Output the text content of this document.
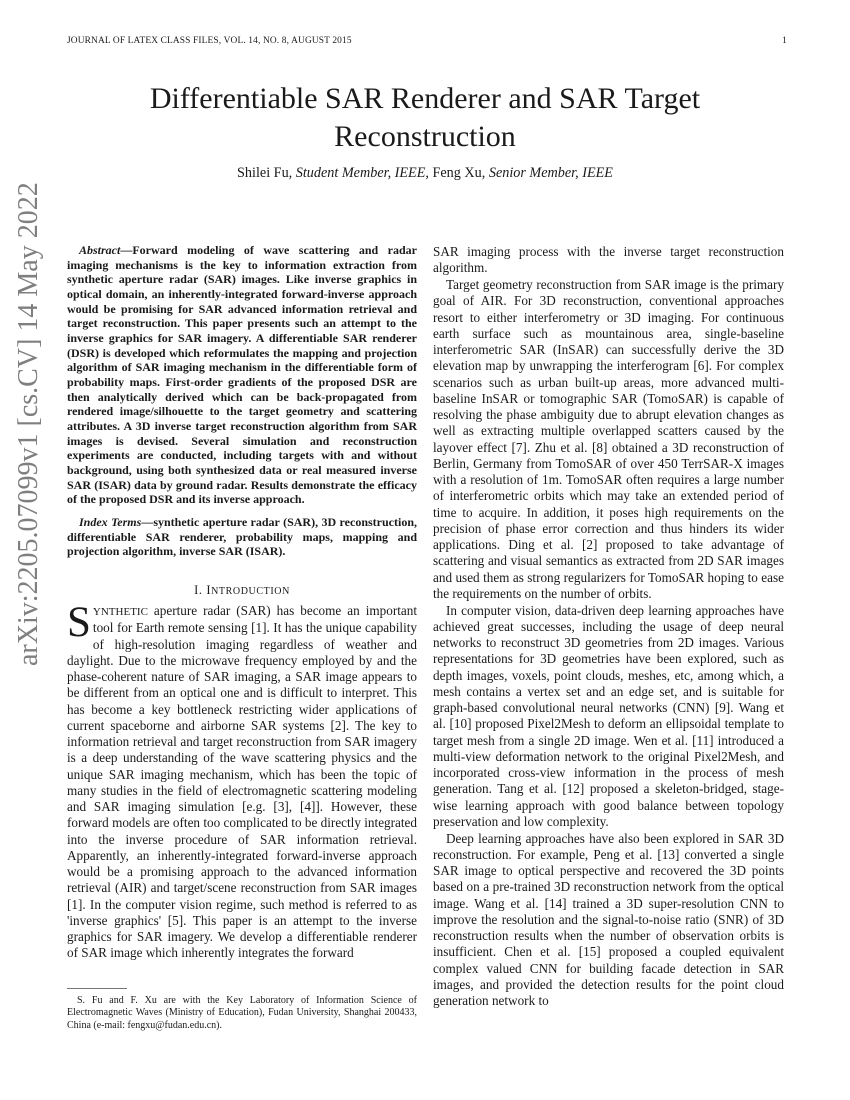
JOURNAL OF LATEX CLASS FILES, VOL. 14, NO. 8, AUGUST 2015	1
arXiv:2205.07099v1 [cs.CV] 14 May 2022
Differentiable SAR Renderer and SAR Target Reconstruction
Shilei Fu, Student Member, IEEE, Feng Xu, Senior Member, IEEE
Abstract—Forward modeling of wave scattering and radar imaging mechanisms is the key to information extraction from synthetic aperture radar (SAR) images. Like inverse graphics in optical domain, an inherently-integrated forward-inverse approach would be promising for SAR advanced information retrieval and target reconstruction. This paper presents such an attempt to the inverse graphics for SAR imagery. A differentiable SAR renderer (DSR) is developed which reformulates the mapping and projection algorithm of SAR imaging mechanism in the differentiable form of probability maps. First-order gradients of the proposed DSR are then analytically derived which can be back-propagated from rendered image/silhouette to the target geometry and scattering attributes. A 3D inverse target reconstruction algorithm from SAR images is devised. Several simulation and reconstruction experiments are conducted, including targets with and without background, using both synthesized data or real measured inverse SAR (ISAR) data by ground radar. Results demonstrate the efficacy of the proposed DSR and its inverse approach.
Index Terms—synthetic aperture radar (SAR), 3D reconstruction, differentiable SAR renderer, probability maps, mapping and projection algorithm, inverse SAR (ISAR).
I. INTRODUCTION

SYNTHETIC aperture radar (SAR) has become an important tool for Earth remote sensing [1]. It has the unique capability of high-resolution imaging regardless of weather and daylight. Due to the microwave frequency employed by and the phase-coherent nature of SAR imaging, a SAR image appears to be different from an optical one and is difficult to interpret. This has become a key bottleneck restricting wider applications of current spaceborne and airborne SAR systems [2]. The key to information retrieval and target reconstruction from SAR imagery is a deep understanding of the wave scattering physics and the unique SAR imaging mechanism, which has been the topic of many studies in the field of electromagnetic scattering modeling and SAR imaging simulation [e.g. [3], [4]]. However, these forward models are often too complicated to be directly integrated into the inverse procedure of SAR information retrieval. Apparently, an inherently-integrated forward-inverse approach would be a promising approach to the advanced information retrieval (AIR) and target/scene reconstruction from SAR images [1]. In the computer vision regime, such method is referred to as 'inverse graphics' [5]. This paper is an attempt to the inverse graphics for SAR imagery. We develop a differentiable renderer of SAR image which inherently integrates the forward

S. Fu and F. Xu are with the Key Laboratory of Information Science of Electromagnetic Waves (Ministry of Education), Fudan University, Shanghai 200433, China (e-mail: fengxu@fudan.edu.cn).

SAR imaging process with the inverse target reconstruction algorithm.

Target geometry reconstruction from SAR image is the primary goal of AIR. For 3D reconstruction, conventional approaches resort to either interferometry or 3D imaging. For continuous earth surface such as mountainous area, single-baseline interferometric SAR (InSAR) can successfully derive the 3D elevation map by unwrapping the interferogram [6]. For complex scenarios such as urban built-up areas, more advanced multi-baseline InSAR or tomographic SAR (TomoSAR) is capable of resolving the phase ambiguity due to abrupt elevation changes as well as extracting multiple overlapped scatters caused by the layover effect [7]. Zhu et al. [8] obtained a 3D reconstruction of Berlin, Germany from TomoSAR of over 450 TerrSAR-X images with a resolution of 1m. TomoSAR often requires a large number of interferometric orbits which may take an extended period of time to acquire. In addition, it poses high requirements on the precision of phase error correction and thus hinders its wider applications. Ding et al. [2] proposed to take advantage of scattering and visual semantics as extracted from 2D SAR images and used them as strong regularizers for TomoSAR hoping to ease the requirements on the number of orbits.

In computer vision, data-driven deep learning approaches have achieved great successes, including the usage of deep neural networks to reconstruct 3D geometries from 2D images. Various representations for 3D geometries have been explored, such as depth images, voxels, point clouds, meshes, etc, among which, a mesh contains a vertex set and an edge set, and is suitable for graph-based convolutional neural networks (CNN) [9]. Wang et al. [10] proposed Pixel2Mesh to deform an ellipsoidal template to target mesh from a single 2D image. Wen et al. [11] introduced a multi-view deformation network to the original Pixel2Mesh, and incorporated cross-view information in the process of mesh generation. Tang et al. [12] proposed a skeleton-bridged, stage-wise learning approach with good balance between topology preservation and low complexity.

Deep learning approaches have also been explored in SAR 3D reconstruction. For example, Peng et al. [13] converted a single SAR image to optical perspective and recovered the 3D points based on a pre-trained 3D reconstruction network from the optical image. Wang et al. [14] trained a 3D super-resolution CNN to improve the resolution and the signal-to-noise ratio (SNR) of 3D reconstruction results when the number of observation orbits is insufficient. Chen et al. [15] proposed a coupled equivalent complex valued CNN for building facade detection in SAR images, and provided the detection results for the point cloud generation network to
